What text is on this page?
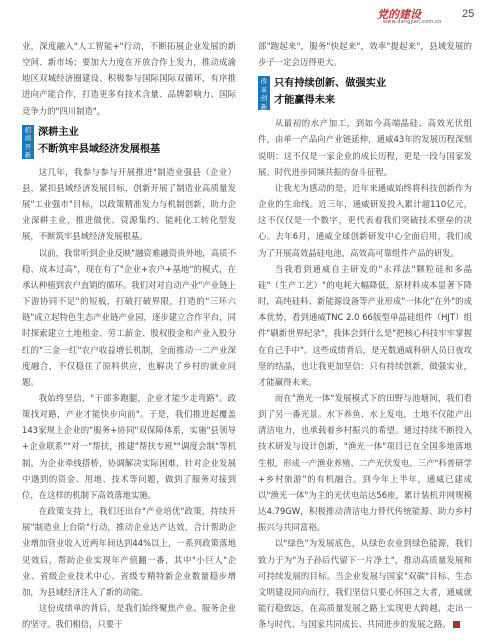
党的建设
www.dangjian.com.cn
25

业，深度融入"人工智能+"行动，不断拓展企业发展的新空间、新市场；要加大力度在开放合作上发力，推动成渝地区双城经济圈建设、积极参与国际国际双循环，有序推进向产能合作，打造更多有技术含量、品牌影响力、国际竞争力的"四川制造"。

招商开新
深耕主业
不断筑牢县域经济发展根基

这几年，我参与参与开展推进"制造业强县（企业）县，紧扣县域经济发展目标，创新开展了制造业高质量发展"工业强市"目标，以政策精准发力与机制创新，助力企业深耕主业，推进做优、资源集约、能耗化工转化型发展，不断筑牢县域经济发展根基。

以前，我常听到企业反映"融资难融资贵外地，高质不稳、成本过高"，现在有了"企业+农户+基地"的模式，在承认种植到农户直销的循环。我们对对自动产业"产业链上下游协同不足"的短板，打破打破界限，打造的"三环六链"成立起特色生态产业链产业园，逐步建立合作平台，同时探索建立土地租金、劳工薪金、股权股金和产业入股分红的"三金一红"农户收益增长机制，全面推动一二产业深度融合，不仅稳住了原料供应，也解决了乡村的就业问题。

我始终坚信，"干部多跑腿，企业才能少走弯路"。政策找对路，产业才能快步向前"。于是，我们推进起覆盖143家规上企业的"服务+协同"双保障体系，实施"县领导+企业联系""对一"帮扶，推建"帮扶专班""调度会制"等机制，为企业牵线搭桥，协调解决实际困难，针对企业发展中遇到的资金、用地、技术等问题，做到了服务对接到位，在这样的机制下高效落地实施。

在政策支持上，我们还出台"产业培优"政策，持续开展"制造业上台阶"行动，推动企业达产达效，合计帮助企业增加营业收入近两年间达到44%以上，一系列政策落地见效后，帮助企业实现年产值翻一番，其中"小巨人"企业、省级企业技术中心、省级专精特新企业数量稳步增加，为县域经济注入了新的动能。

这份成绩单的背后，是我们始终聚焦产业、服务企业的坚守。我们相信，只要干

部"跑起来"，服务"快起来"，效率"提起来"，县域发展的步子一定会迈得更大。

改革创新
只有持续创新、做强实业
才能赢得未来

从最初的水产加工，到如今高端晶硅、高效光伏组件，由单一产品向产业链延伸，通威43年的发展历程深刻说明：这不仅是一家企业的成长历程，更是一段与国家发展、时代进步同频共振的奋斗征程。

让我尤为感动的是，近年来通威始终将科技创新作为企业的生命线。近三年，通威研发投入累计超110亿元，这不仅仅是一个数字，更代表着我们突破技术壁垒的决心。去年6月，通威全球创新研发中心全面启用，我们成为了开展高效晶硅电池，高效高可靠组件产品的研发。

当我看到通威自主研发的"永祥法"颗粒硅和多晶硅"（生产工艺）"的电耗大幅降低，原材料成本显著下降时，高纯硅料、新能源设备等产业形成"一体化"在外"的成本优势，看到通威TNC 2.0 66版型单晶硅组件（HJT）组件"刷新世界纪录"，我体会到什么是"把核心科技牢牢掌握在自己手中"。这些成绩背后，是无数通威科研人员日夜攻坚的结晶，也让我更加坚信：只有持续创新，做强实业，才能赢得未来。

而在"渔光一体"发展模式下的田野与池塘间，我们看到了另一番光景。水下养鱼、水上发电，土地不仅能产出清洁电力，也承载着乡村振兴的希望。通过持续不断投入技术研发与设计创新，"渔光一体"项目已在全国多地落地生根，形成一产渔业养殖、二产光伏发电、三产"科普研学+乡村旅游"的有机融合。到今年上半年，通威已建成以"渔光一体"为主的光伏电站达56座，累计装机并网规模达4.79GW，积极推动清洁电力替代传统能源、助力乡村振兴与共同富裕。

以"绿色"为发展底色，从绿色农业到绿色能源，我们致力于为"为子孙后代留下一片净土"，推动高质量发展和可持续发展的目标。当企业发展与国家"双碳"目标、生态文明建设同向而行，我们坚信只要心怀国之大者，通威就能行稳致远，在高质量发展之路上实现更大跨越，走出一条与时代、与国家共同成长、共同进步的发展之路。
